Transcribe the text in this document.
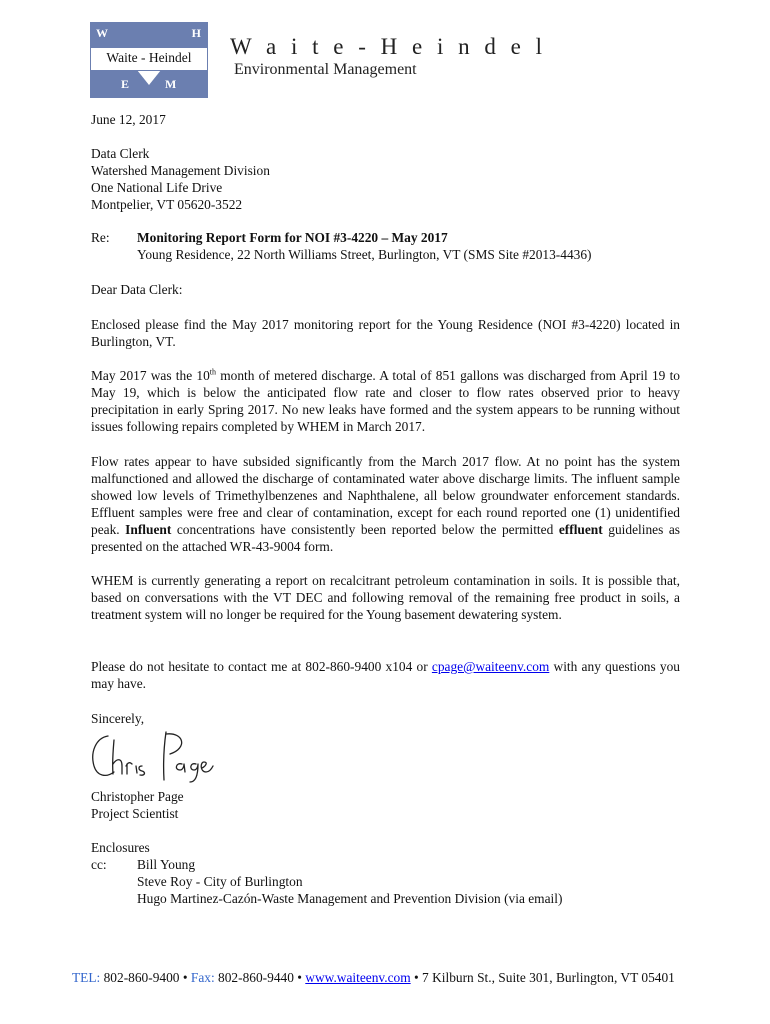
W	H
E	M
Waite - Heindel	W a i t e - H e i n d e l
Environmental Management
June 12, 2017
Data Clerk
Watershed Management Division
One National Life Drive
Montpelier, VT 05620-3522
Re: Monitoring Report Form for NOI #3-4220 – May 2017
Young Residence, 22 North Williams Street, Burlington, VT (SMS Site #2013-4436)
Dear Data Clerk:
Enclosed please find the May 2017 monitoring report for the Young Residence (NOI #3-4220) located in Burlington, VT.
May 2017 was the 10th month of metered discharge. A total of 851 gallons was discharged from April 19 to May 19, which is below the anticipated flow rate and closer to flow rates observed prior to heavy precipitation in early Spring 2017. No new leaks have formed and the system appears to be running without issues following repairs completed by WHEM in March 2017.
Flow rates appear to have subsided significantly from the March 2017 flow. At no point has the system malfunctioned and allowed the discharge of contaminated water above discharge limits. The influent sample showed low levels of Trimethylbenzenes and Naphthalene, all below groundwater enforcement standards. Effluent samples were free and clear of contamination, except for each round reported one (1) unidentified peak. Influent concentrations have consistently been reported below the permitted effluent guidelines as presented on the attached WR-43-9004 form.
WHEM is currently generating a report on recalcitrant petroleum contamination in soils. It is possible that, based on conversations with the VT DEC and following removal of the remaining free product in soils, a treatment system will no longer be required for the Young basement dewatering system.
Please do not hesitate to contact me at 802-860-9400 x104 or cpage@waiteenv.com with any questions you may have.
Sincerely,
Christopher Page
Project Scientist
Enclosures
cc: Bill Young
Steve Roy - City of Burlington
Hugo Martinez-Cazón-Waste Management and Prevention Division (via email)
TEL: 802-860-9400 • Fax: 802-860-9440 • www.waiteenv.com • 7 Kilburn St., Suite 301, Burlington, VT 05401
